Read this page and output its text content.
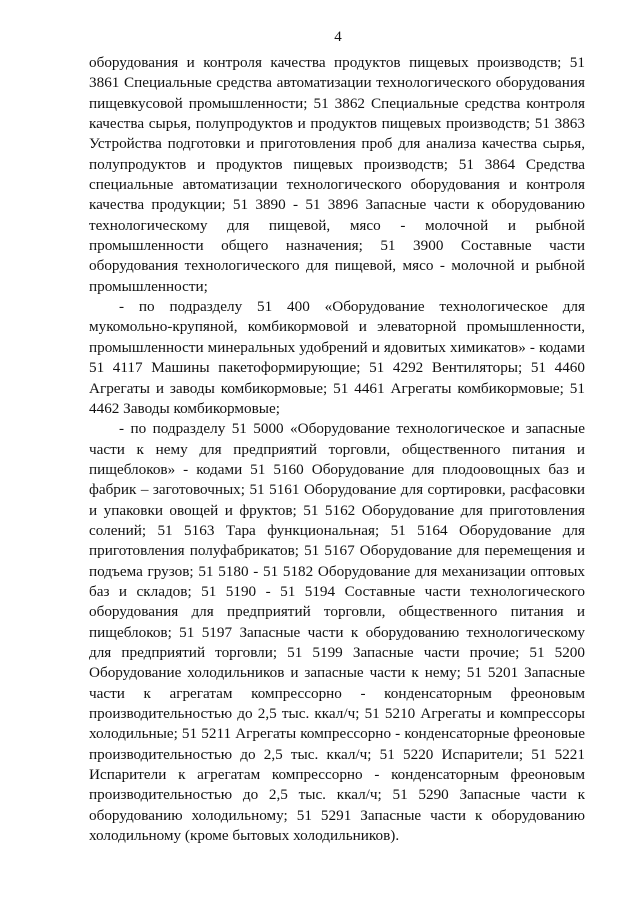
4

оборудования и контроля качества продуктов пищевых производств; 51 3861 Специальные средства автоматизации технологического оборудования пищевкусовой промышленности; 51 3862 Специальные средства контроля качества сырья, полупродуктов и продуктов пищевых производств; 51 3863 Устройства подготовки и приготовления проб для анализа качества сырья, полупродуктов и продуктов пищевых производств; 51 3864 Средства специальные автоматизации технологического оборудования и контроля качества продукции; 51 3890 - 51 3896 Запасные части к оборудованию технологическому для пищевой, мясо - молочной и рыбной промышленности общего назначения; 51 3900 Составные части оборудования технологического для пищевой, мясо - молочной и рыбной промышленности;

- по подразделу 51 400 «Оборудование технологическое для мукомольно-крупяной, комбикормовой и элеваторной промышленности, промышленности минеральных удобрений и ядовитых химикатов» - кодами 51 4117 Машины пакетоформирующие; 51 4292 Вентиляторы; 51 4460 Агрегаты и заводы комбикормовые; 51 4461 Агрегаты комбикормовые; 51 4462 Заводы комбикормовые;

- по подразделу 51 5000 «Оборудование технологическое и запасные части к нему для предприятий торговли, общественного питания и пищеблоков» - кодами 51 5160 Оборудование для плодоовощных баз и фабрик – заготовочных; 51 5161 Оборудование для сортировки, расфасовки и упаковки овощей и фруктов; 51 5162 Оборудование для приготовления солений; 51 5163 Тара функциональная; 51 5164 Оборудование для приготовления полуфабрикатов; 51 5167 Оборудование для перемещения и подъема грузов; 51 5180 - 51 5182 Оборудование для механизации оптовых баз и складов; 51 5190 - 51 5194 Составные части технологического оборудования для предприятий торговли, общественного питания и пищеблоков; 51 5197 Запасные части к оборудованию технологическому для предприятий торговли; 51 5199 Запасные части прочие; 51 5200 Оборудование холодильников и запасные части к нему; 51 5201 Запасные части к агрегатам компрессорно - конденсаторным фреоновым производительностью до 2,5 тыс. ккал/ч; 51 5210 Агрегаты и компрессоры холодильные; 51 5211 Агрегаты компрессорно - конденсаторные фреоновые производительностью до 2,5 тыс. ккал/ч; 51 5220 Испарители; 51 5221 Испарители к агрегатам компрессорно - конденсаторным фреоновым производительностью до 2,5 тыс. ккал/ч; 51 5290 Запасные части к оборудованию холодильному; 51 5291 Запасные части к оборудованию холодильному (кроме бытовых холодильников).
